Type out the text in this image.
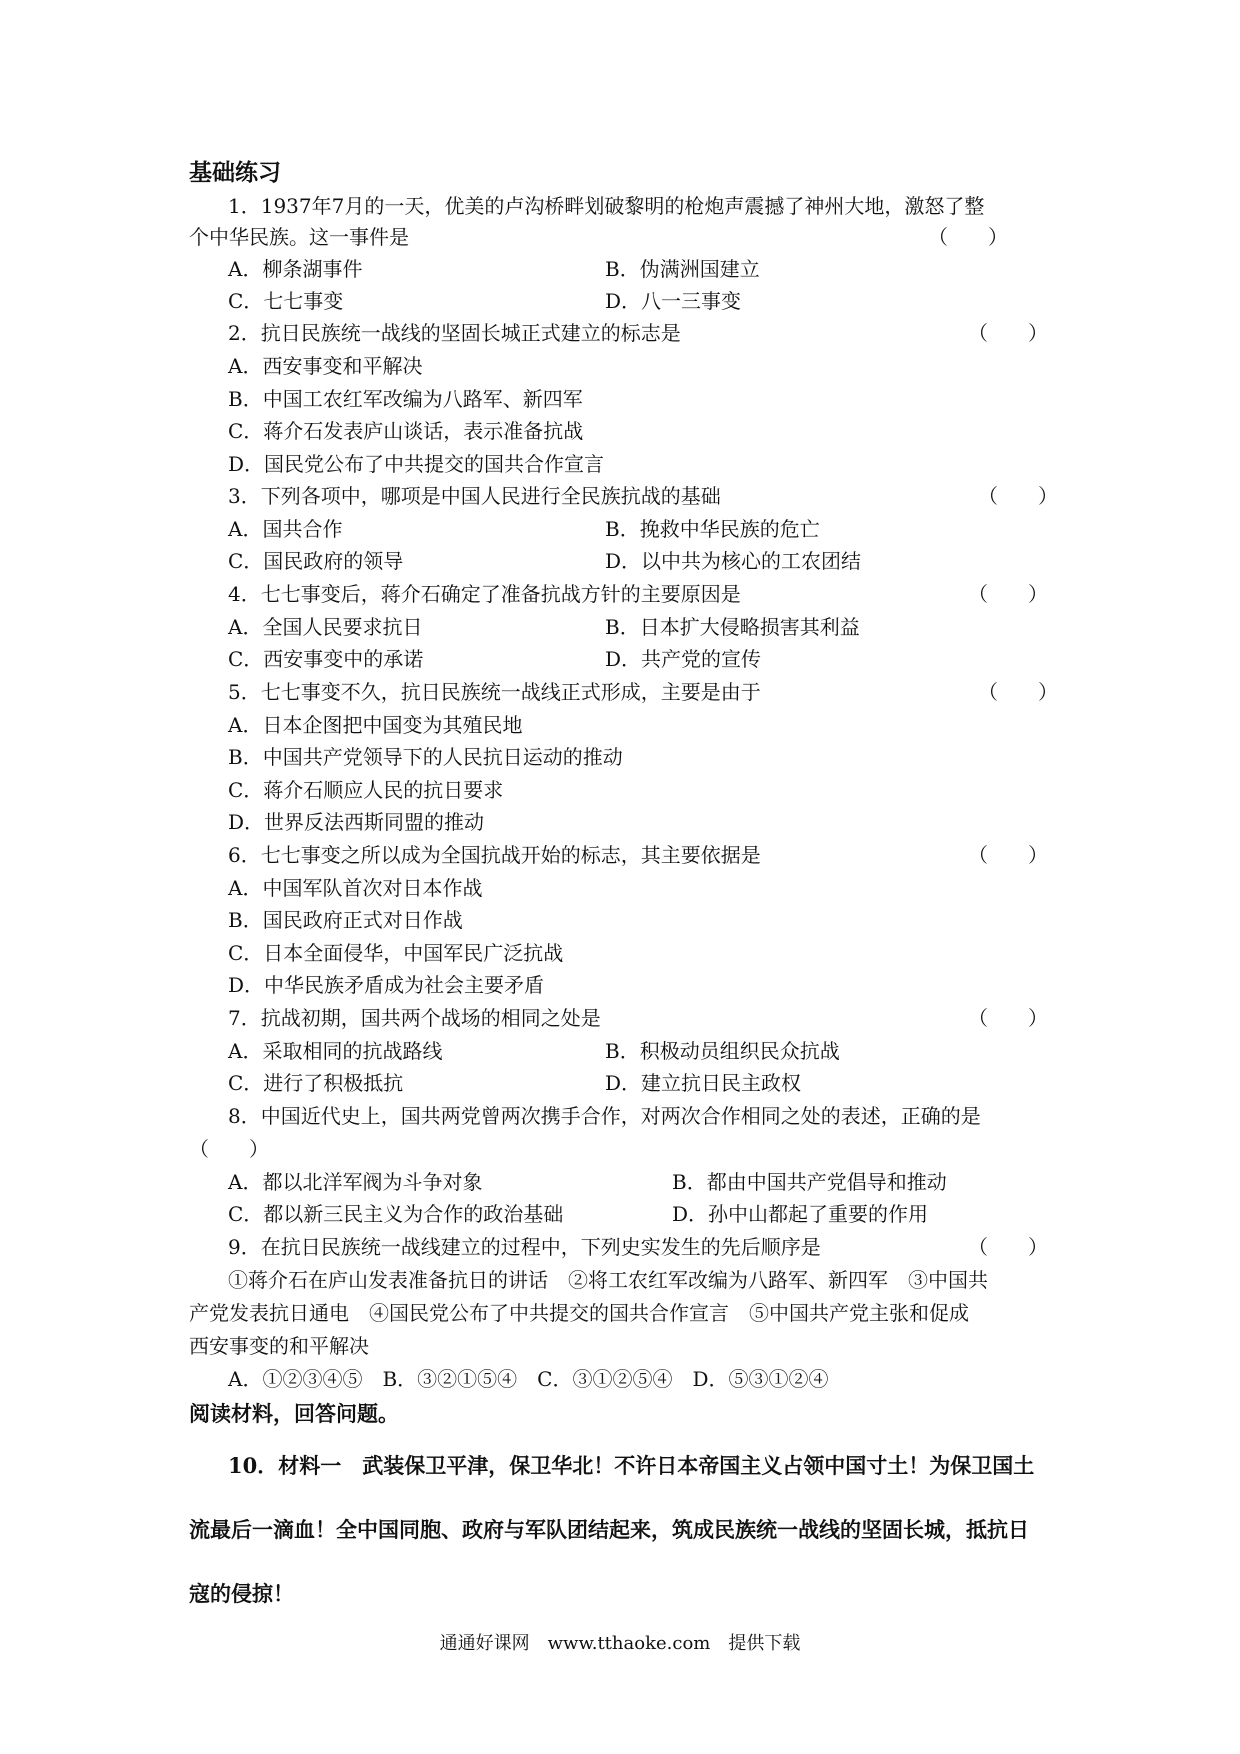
基础练习
1．1937年7月的一天，优美的卢沟桥畔划破黎明的枪炮声震撼了神州大地，激怒了整
个中华民族。这一事件是	（　　）
A．柳条湖事件	B．伪满洲国建立
C．七七事变	D．八一三事变
2．抗日民族统一战线的坚固长城正式建立的标志是	（　　）
A．西安事变和平解决
B．中国工农红军改编为八路军、新四军
C．蒋介石发表庐山谈话，表示准备抗战
D．国民党公布了中共提交的国共合作宣言
3．下列各项中，哪项是中国人民进行全民族抗战的基础	（　　）
A．国共合作	B．挽救中华民族的危亡
C．国民政府的领导	D．以中共为核心的工农团结
4．七七事变后，蒋介石确定了准备抗战方针的主要原因是	（　　）
A．全国人民要求抗日	B．日本扩大侵略损害其利益
C．西安事变中的承诺	D．共产党的宣传
5．七七事变不久，抗日民族统一战线正式形成，主要是由于	（　　）
A．日本企图把中国变为其殖民地
B．中国共产党领导下的人民抗日运动的推动
C．蒋介石顺应人民的抗日要求
D．世界反法西斯同盟的推动
6．七七事变之所以成为全国抗战开始的标志，其主要依据是	（　　）
A．中国军队首次对日本作战
B．国民政府正式对日作战
C．日本全面侵华，中国军民广泛抗战
D．中华民族矛盾成为社会主要矛盾
7．抗战初期，国共两个战场的相同之处是	（　　）
A．采取相同的抗战路线	B．积极动员组织民众抗战
C．进行了积极抵抗	D．建立抗日民主政权
8．中国近代史上，国共两党曾两次携手合作，对两次合作相同之处的表述，正确的是
（　　）
A．都以北洋军阀为斗争对象	B．都由中国共产党倡导和推动
C．都以新三民主义为合作的政治基础	D．孙中山都起了重要的作用
9．在抗日民族统一战线建立的过程中，下列史实发生的先后顺序是	（　　）
①蒋介石在庐山发表准备抗日的讲话　②将工农红军改编为八路军、新四军　③中国共
产党发表抗日通电　④国民党公布了中共提交的国共合作宣言　⑤中国共产党主张和促成
西安事变的和平解决
A．①②③④⑤　B．③②①⑤④　C．③①②⑤④　D．⑤③①②④
阅读材料，回答问题。
10．材料一　武装保卫平津，保卫华北！不许日本帝国主义占领中国寸土！为保卫国土
流最后一滴血！全中国同胞、政府与军队团结起来，筑成民族统一战线的坚固长城，抵抗日
寇的侵掠！
通通好课网　www.tthaoke.com　提供下载
